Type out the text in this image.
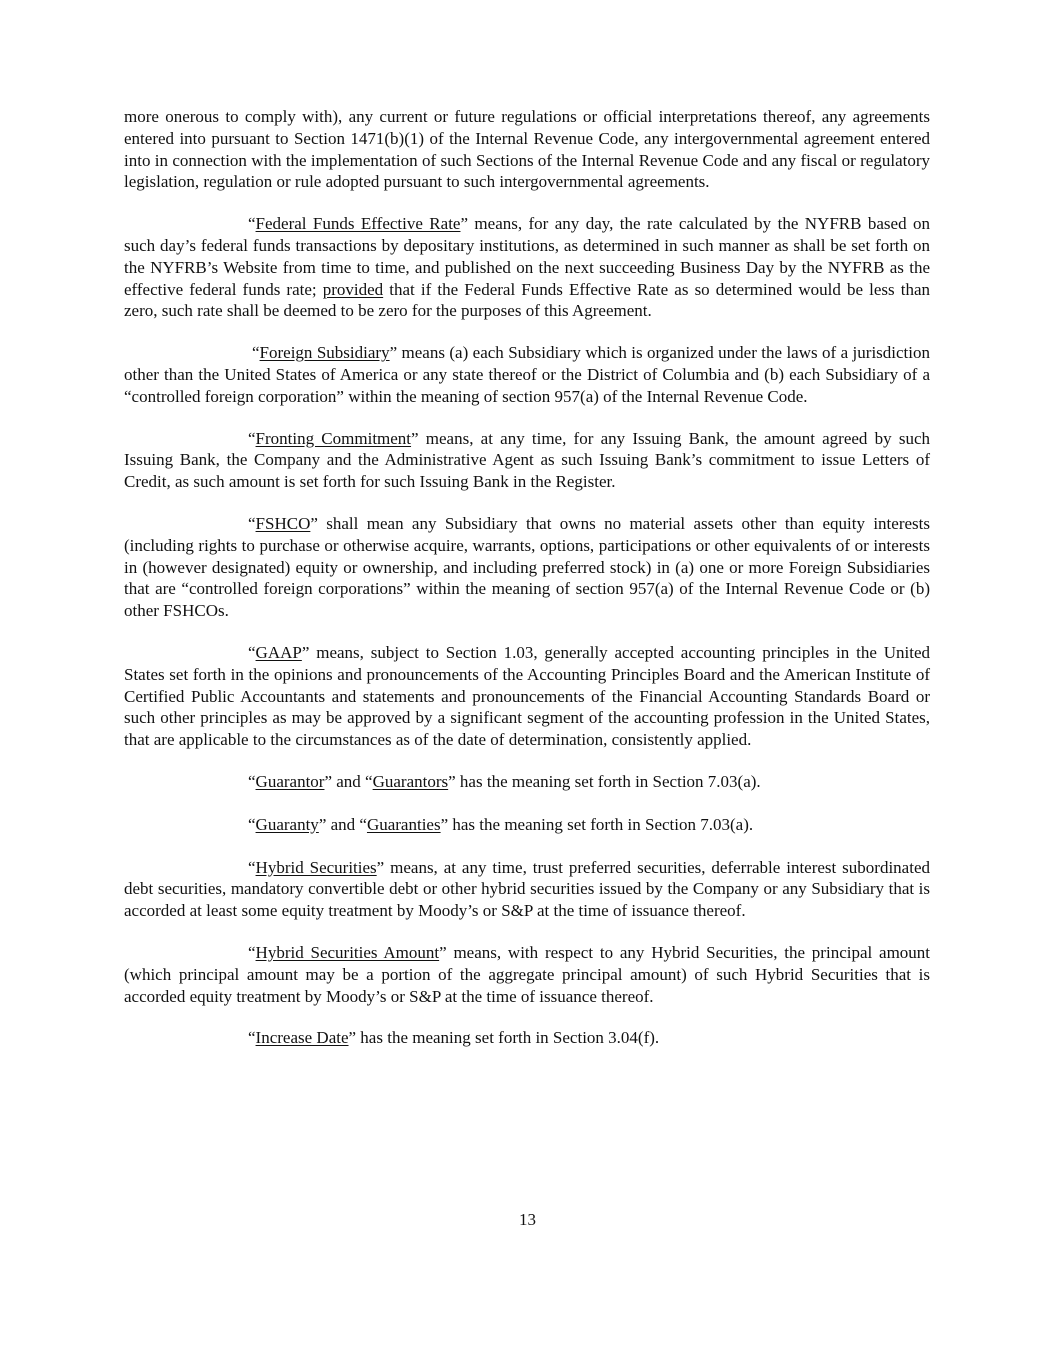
more onerous to comply with), any current or future regulations or official interpretations thereof, any agreements entered into pursuant to Section 1471(b)(1) of the Internal Revenue Code, any intergovernmental agreement entered into in connection with the implementation of such Sections of the Internal Revenue Code and any fiscal or regulatory legislation, regulation or rule adopted pursuant to such intergovernmental agreements.

“Federal Funds Effective Rate” means, for any day, the rate calculated by the NYFRB based on such day’s federal funds transactions by depositary institutions, as determined in such manner as shall be set forth on the NYFRB’s Website from time to time, and published on the next succeeding Business Day by the NYFRB as the effective federal funds rate; provided that if the Federal Funds Effective Rate as so determined would be less than zero, such rate shall be deemed to be zero for the purposes of this Agreement.

“Foreign Subsidiary” means (a) each Subsidiary which is organized under the laws of a jurisdiction other than the United States of America or any state thereof or the District of Columbia and (b) each Subsidiary of a “controlled foreign corporation” within the meaning of section 957(a) of the Internal Revenue Code.

“Fronting Commitment” means, at any time, for any Issuing Bank, the amount agreed by such Issuing Bank, the Company and the Administrative Agent as such Issuing Bank’s commitment to issue Letters of Credit, as such amount is set forth for such Issuing Bank in the Register.

“FSHCO” shall mean any Subsidiary that owns no material assets other than equity interests (including rights to purchase or otherwise acquire, warrants, options, participations or other equivalents of or interests in (however designated) equity or ownership, and including preferred stock) in (a) one or more Foreign Subsidiaries that are “controlled foreign corporations” within the meaning of section 957(a) of the Internal Revenue Code or (b) other FSHCOs.

“GAAP” means, subject to Section 1.03, generally accepted accounting principles in the United States set forth in the opinions and pronouncements of the Accounting Principles Board and the American Institute of Certified Public Accountants and statements and pronouncements of the Financial Accounting Standards Board or such other principles as may be approved by a significant segment of the accounting profession in the United States, that are applicable to the circumstances as of the date of determination, consistently applied.

“Guarantor” and “Guarantors” has the meaning set forth in Section 7.03(a).

“Guaranty” and “Guaranties” has the meaning set forth in Section 7.03(a).

“Hybrid Securities” means, at any time, trust preferred securities, deferrable interest subordinated debt securities, mandatory convertible debt or other hybrid securities issued by the Company or any Subsidiary that is accorded at least some equity treatment by Moody’s or S&P at the time of issuance thereof.

“Hybrid Securities Amount” means, with respect to any Hybrid Securities, the principal amount (which principal amount may be a portion of the aggregate principal amount) of such Hybrid Securities that is accorded equity treatment by Moody’s or S&P at the time of issuance thereof.

“Increase Date” has the meaning set forth in Section 3.04(f).

13
